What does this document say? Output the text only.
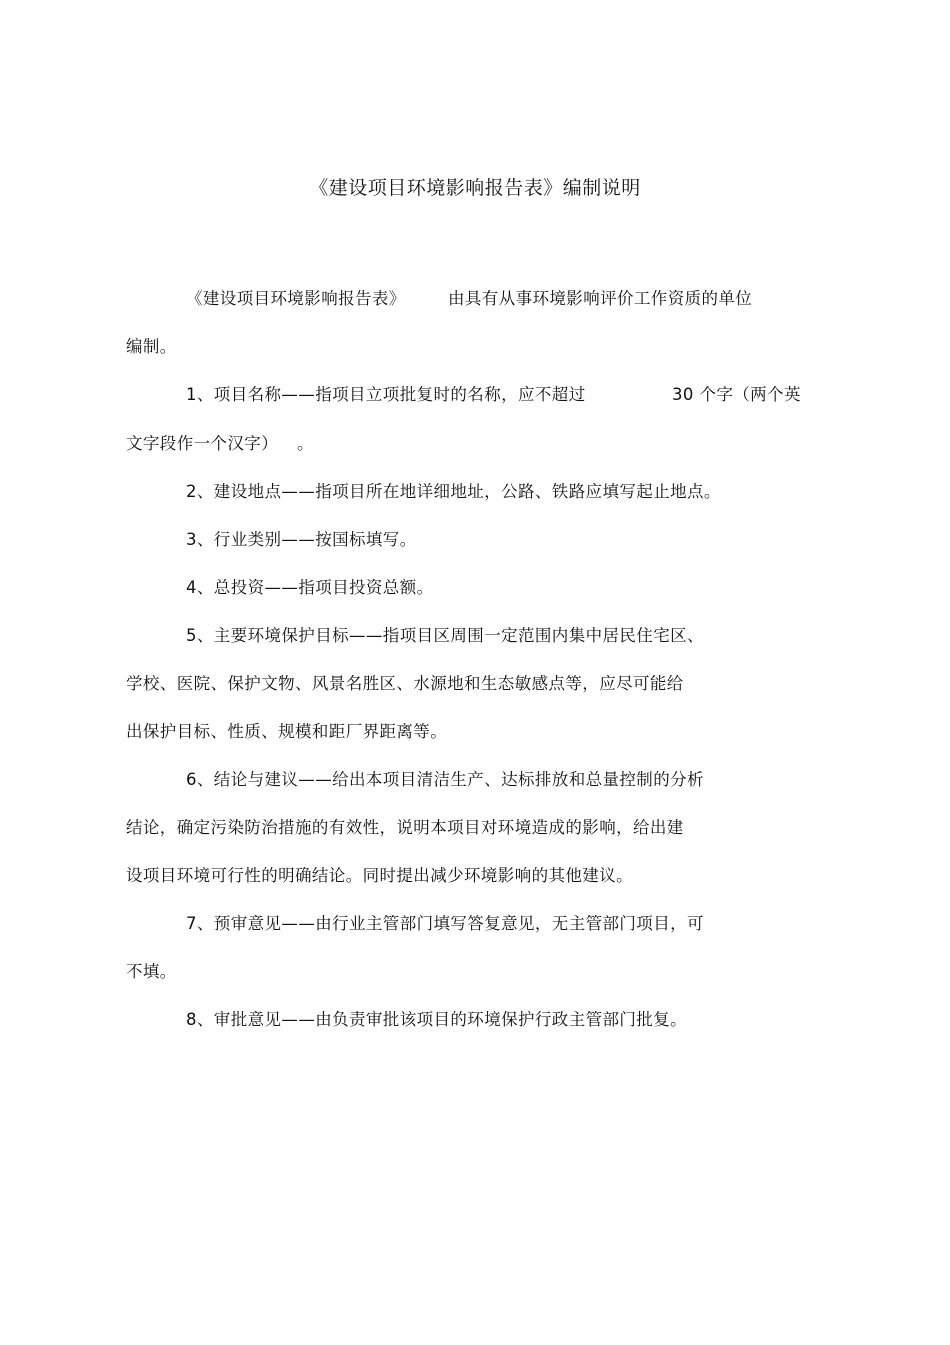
《建设项目环境影响报告表》编制说明
《建设项目环境影响报告表》	由具有从事环境影响评价工作资质的单位
编制。
1、项目名称——指项目立项批复时的名称，应不超过	30 个字（两个英
文字段作一个汉字） 。
2、建设地点——指项目所在地详细地址，公路、铁路应填写起止地点。
3、行业类别——按国标填写。
4、总投资——指项目投资总额。
5、主要环境保护目标——指项目区周围一定范围内集中居民住宅区、
学校、医院、保护文物、风景名胜区、水源地和生态敏感点等，应尽可能给
出保护目标、性质、规模和距厂界距离等。
6、结论与建议——给出本项目清洁生产、达标排放和总量控制的分析
结论，确定污染防治措施的有效性，说明本项目对环境造成的影响，给出建
设项目环境可行性的明确结论。同时提出减少环境影响的其他建议。
7、预审意见——由行业主管部门填写答复意见，无主管部门项目，可
不填。
8、审批意见——由负责审批该项目的环境保护行政主管部门批复。
